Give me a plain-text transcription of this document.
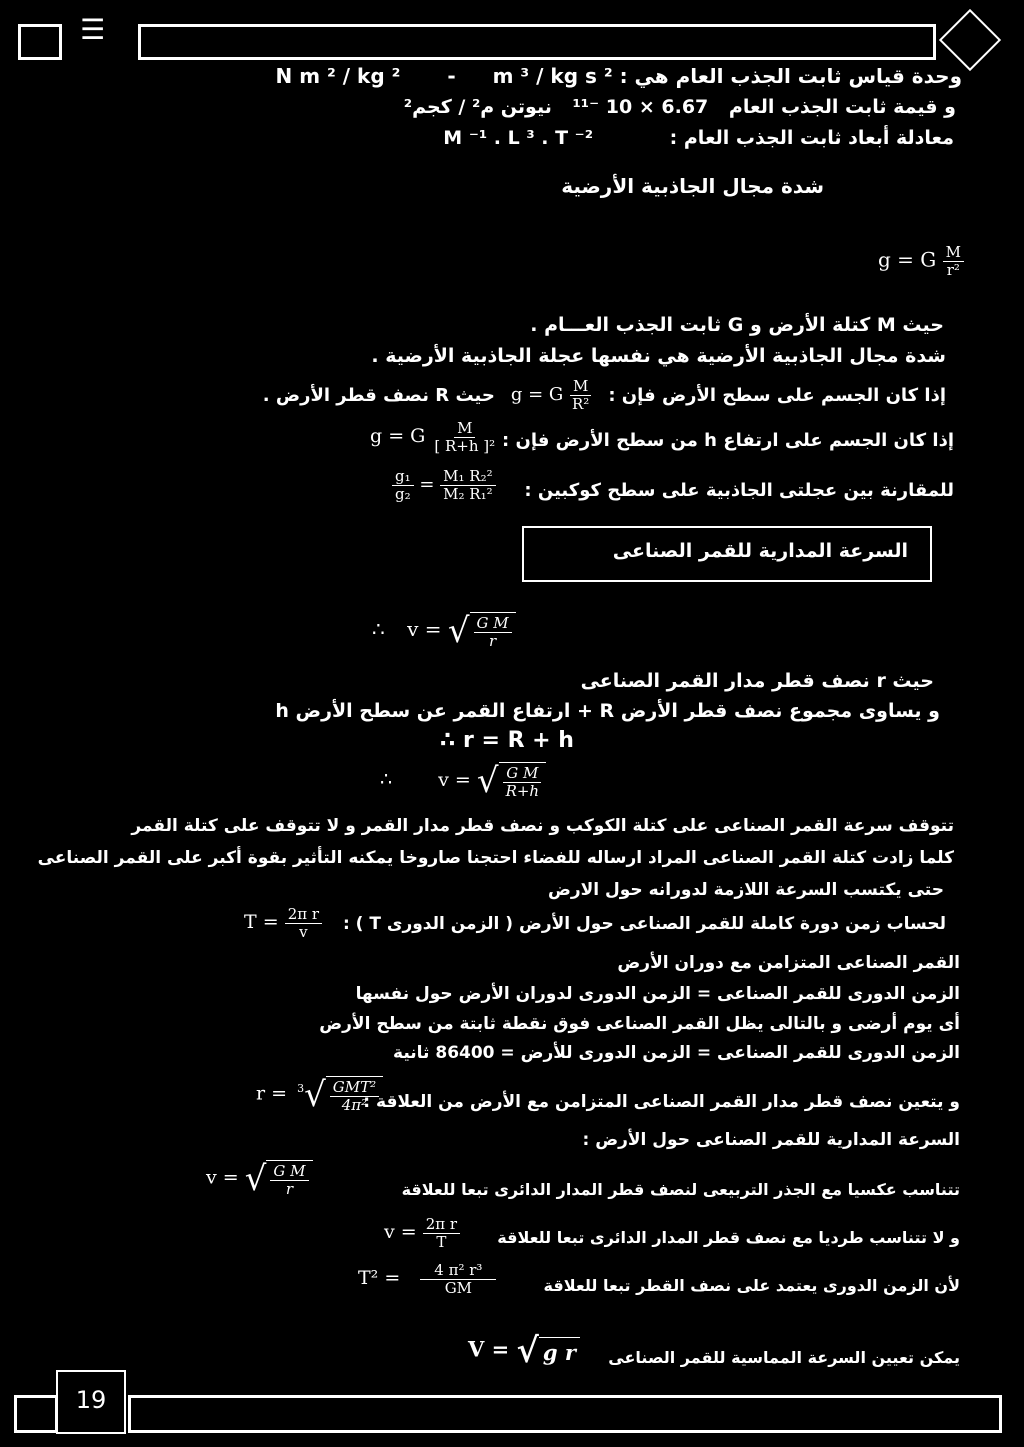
☰
وحدة قياس ثابت الجذب العام هي : N m ² / kg ² - m ³ / kg s ²
و قيمة ثابت الجذب العام 6.67 × 10 ⁻¹¹ نيوتن م² / كجم²
معادلة أبعاد ثابت الجذب العام : M ⁻¹ . L ³ . T ⁻²
شدة مجال الجاذبية الأرضية
g = G $\frac{M}{\text{r²}}$
حيث M كتلة الأرض و G ثابت الجذب العـــام .
شدة مجال الجاذبية الأرضية هي نفسها عجلة الجاذبية الأرضية .
إذا كان الجسم على سطح الأرض فإن :
g = G $\frac{M}{\text{R²}}$
حيث R نصف قطر الأرض .
إذا كان الجسم على ارتفاع h من سطح الأرض فإن :
g = G $\frac{M}{\text{[ R+h ]²}}$
للمقارنة بين عجلتى الجاذبية على سطح كوكبين :
$\frac{\text{g₁}}{\text{g₂}} = \frac{\text{M₁ R₂²}}{\text{M₂ R₁²}}$
السرعة المدارية للقمر الصناعى
∴ v = √ $\frac{\text{G M}}{r}$
حيث r نصف قطر مدار القمر الصناعى
و يساوى مجموع نصف قطر الأرض R + ارتفاع القمر عن سطح الأرض h
∴ r = R + h
∴ v = √ $\frac{\text{G M}}{R+h}$
تتوقف سرعة القمر الصناعى على كتلة الكوكب و نصف قطر مدار القمر و لا تتوقف على كتلة القمر
كلما زادت كتلة القمر الصناعى المراد ارساله للفضاء احتجنا صاروخا يمكنه التأثير بقوة أكبر على القمر الصناعى
حتى يكتسب السرعة اللازمة لدورانه حول الارض
لحساب زمن دورة كاملة للقمر الصناعى حول الأرض ( الزمن الدورى T ) :
$T = \frac{\text{2π r}}{v}$
القمر الصناعى المتزامن مع دوران الأرض
الزمن الدورى للقمر الصناعى = الزمن الدورى لدوران الأرض حول نفسها
أى يوم أرضى و بالتالى يظل القمر الصناعى فوق نقطة ثابتة من سطح الأرض
الزمن الدورى للقمر الصناعى = الزمن الدورى للأرض = 86400 ثانية
و يتعين نصف قطر مدار القمر الصناعى المتزامن مع الأرض من العلاقة :
r = $^3$ √ $\frac{\text{GMT²}}{\text{4π²}}$
السرعة المدارية للقمر الصناعى حول الأرض :
تتناسب عكسيا مع الجذر التربيعى لنصف قطر المدار الدائرى تبعا للعلاقة
v = √ $\frac{\text{G M}}{r}$
و لا تتناسب طرديا مع نصف قطر المدار الدائرى تبعا للعلاقة
$v = \frac{\text{2π r}}{T}$
لأن الزمن الدورى يعتمد على نصف القطر تبعا للعلاقة
$T^2 = \frac{\text{4 π² r³}}{GM}$
يمكن تعيين السرعة المماسية للقمر الصناعى
V = √ g r
19
